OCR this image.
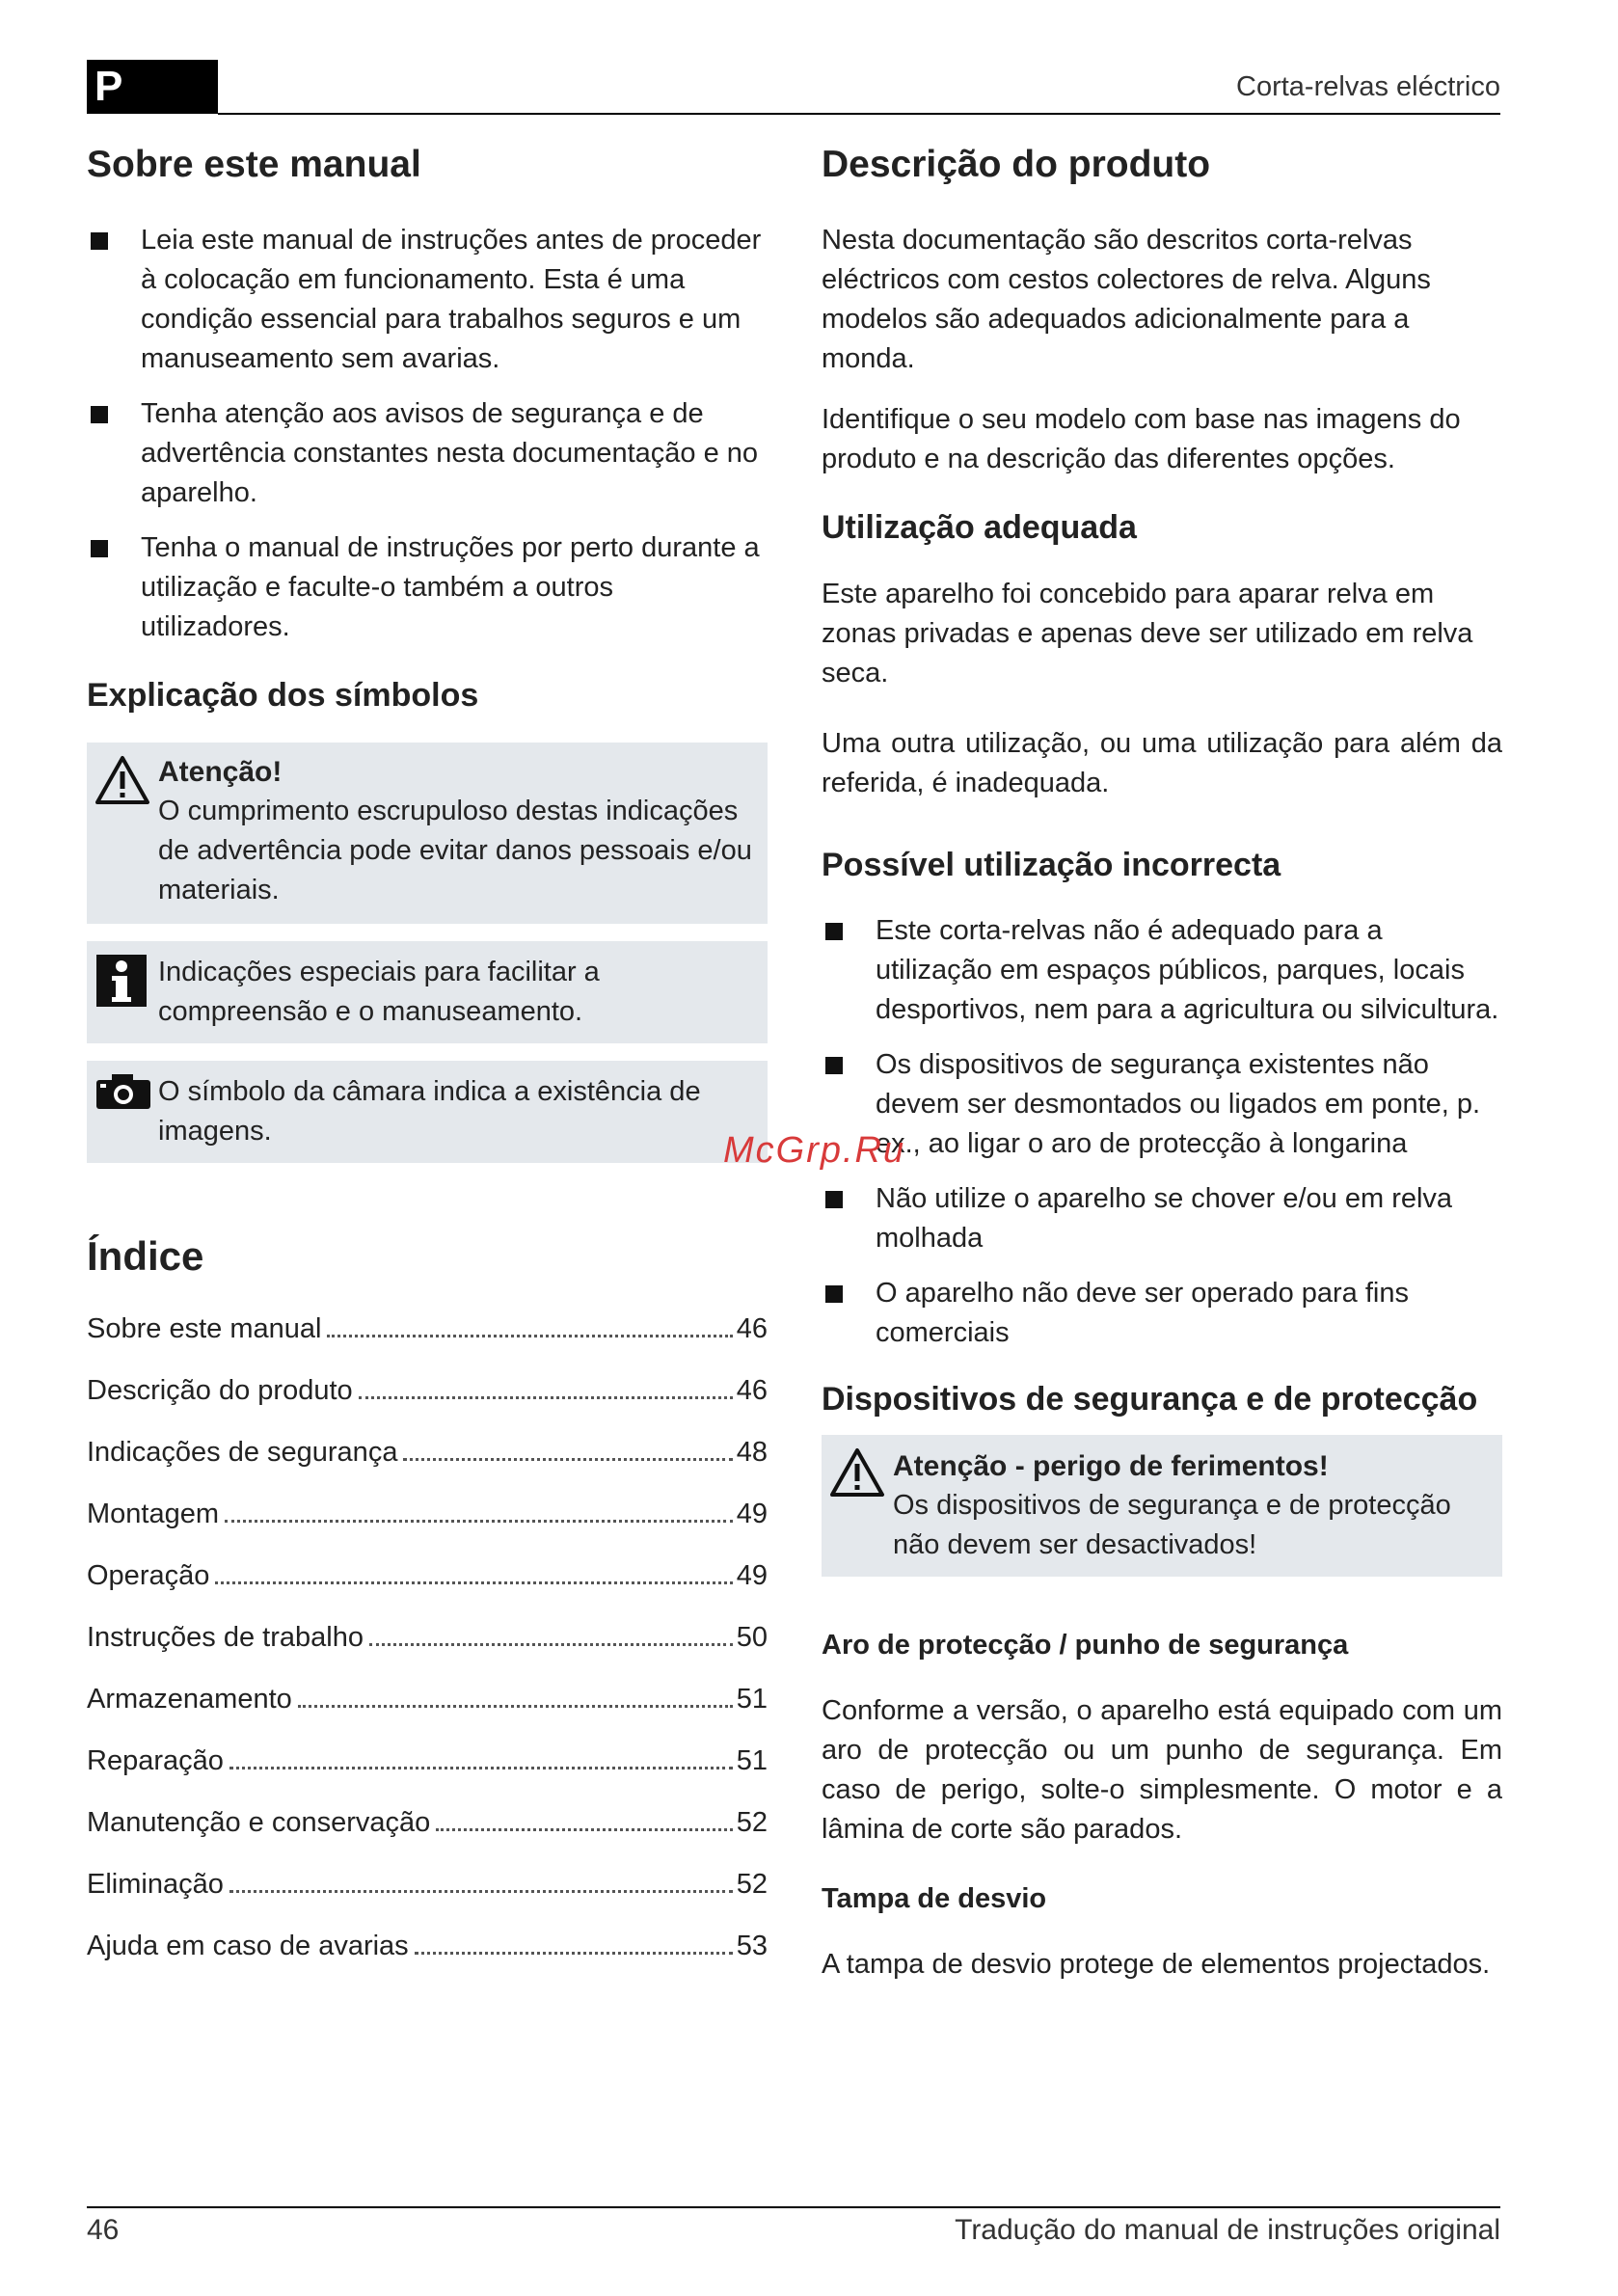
P	Corta-relvas eléctrico
Sobre este manual
Leia este manual de instruções antes de proceder à colocação em funcionamento. Esta é uma condição essencial para trabalhos seguros e um manuseamento sem avarias.
Tenha atenção aos avisos de segurança e de advertência constantes nesta documentação e no aparelho.
Tenha o manual de instruções por perto durante a utilização e faculte-o também a outros utilizadores.
Explicação dos símbolos
Atenção!
O cumprimento escrupuloso destas indicações de advertência pode evitar danos pessoais e/ou materiais.
Indicações especiais para facilitar a compreensão e o manuseamento.
O símbolo da câmara indica a existência de imagens.
Índice
Sobre este manual	46
Descrição do produto	46
Indicações de segurança	48
Montagem	49
Operação	49
Instruções de trabalho	50
Armazenamento	51
Reparação	51
Manutenção e conservação	52
Eliminação	52
Ajuda em caso de avarias	53
Descrição do produto

Nesta documentação são descritos corta-relvas eléctricos com cestos colectores de relva. Alguns modelos são adequados adicionalmente para a monda.

Identifique o seu modelo com base nas imagens do produto e na descrição das diferentes opções.

Utilização adequada

Este aparelho foi concebido para aparar relva em zonas privadas e apenas deve ser utilizado em relva seca.

Uma outra utilização, ou uma utilização para além da referida, é inadequada.

Possível utilização incorrecta
Este corta-relvas não é adequado para a utilização em espaços públicos, parques, locais desportivos, nem para a agricultura ou silvicultura.
Os dispositivos de segurança existentes não devem ser desmontados ou ligados em ponte, p. ex., ao ligar o aro de protecção à longarina
Não utilize o aparelho se chover e/ou em relva molhada
O aparelho não deve ser operado para fins comerciais
Dispositivos de segurança e de protecção
Atenção - perigo de ferimentos!
Os dispositivos de segurança e de protecção não devem ser desactivados!
Aro de protecção / punho de segurança

Conforme a versão, o aparelho está equipado com um aro de protecção ou um punho de segurança. Em caso de perigo, solte-o simplesmente. O motor e a lâmina de corte são parados.

Tampa de desvio

A tampa de desvio protege de elementos projectados.

McGrp.Ru
46	Tradução do manual de instruções original
